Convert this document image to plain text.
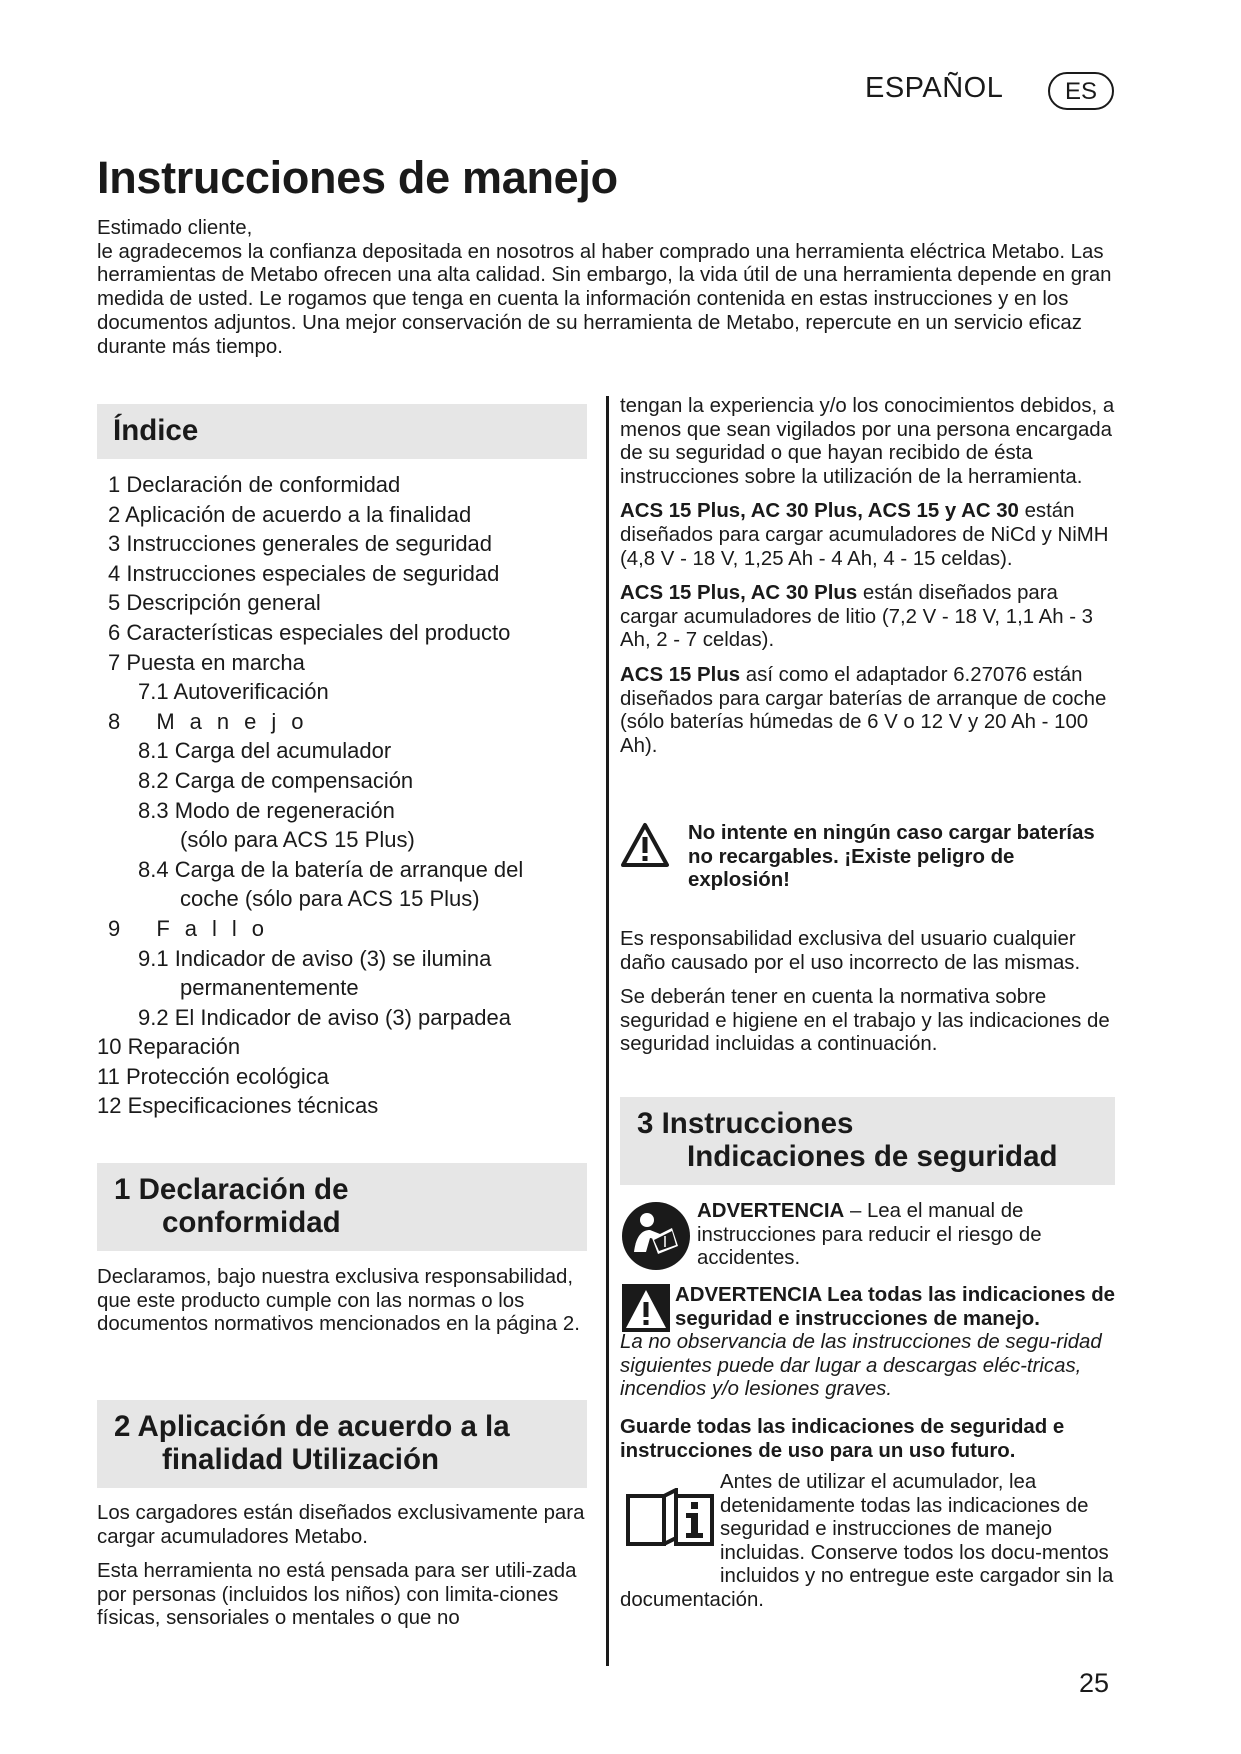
ESPAÑOL	ES
Instrucciones de manejo

Estimado cliente,

le agradecemos la confianza depositada en nosotros al haber comprado una herramienta eléctrica Metabo. Las herramientas de Metabo ofrecen una alta calidad. Sin embargo, la vida útil de una herramienta depende en gran medida de usted. Le rogamos que tenga en cuenta la información contenida en estas instrucciones y en los documentos adjuntos. Una mejor conservación de su herramienta de Metabo, repercute en un servicio eficaz durante más tiempo.

Índice
1 Declaración de conformidad
2 Aplicación de acuerdo a la finalidad
3 Instrucciones generales de seguridad
4 Instrucciones especiales de seguridad
5 Descripción general
6 Características especiales del producto
7 Puesta en marcha
7.1 Autoverificación
8 Manejo
8.1 Carga del acumulador
8.2 Carga de compensación
8.3 Modo de regeneración
(sólo para ACS 15 Plus)
8.4 Carga de la batería de arranque del
coche (sólo para ACS 15 Plus)
9 Fallo
9.1 Indicador de aviso (3) se ilumina
permanentemente
9.2 El Indicador de aviso (3) parpadea
10 Reparación
11 Protección ecológica
12 Especificaciones técnicas
1 Declaración de
conformidad

Declaramos, bajo nuestra exclusiva responsabilidad, que este producto cumple con las normas o los documentos normativos mencionados en la página 2.

2 Aplicación de acuerdo a la
finalidad Utilización

Los cargadores están diseñados exclusivamente para cargar acumuladores Metabo.

Esta herramienta no está pensada para ser utili-zada por personas (incluidos los niños) con limita-ciones físicas, sensoriales o mentales o que no

tengan la experiencia y/o los conocimientos debidos, a menos que sean vigilados por una persona encargada de su seguridad o que hayan recibido de ésta instrucciones sobre la utilización de la herramienta.

ACS 15 Plus, AC 30 Plus, ACS 15 y AC 30 están diseñados para cargar acumuladores de NiCd y NiMH (4,8 V - 18 V, 1,25 Ah - 4 Ah, 4 - 15 celdas).

ACS 15 Plus, AC 30 Plus están diseñados para cargar acumuladores de litio (7,2 V - 18 V, 1,1 Ah - 3 Ah, 2 - 7 celdas).

ACS 15 Plus así como el adaptador 6.27076 están diseñados para cargar baterías de arranque de coche (sólo baterías húmedas de 6 V o 12 V y 20 Ah - 100 Ah).

No intente en ningún caso cargar baterías no recargables. ¡Existe peligro de explosión!

Es responsabilidad exclusiva del usuario cualquier daño causado por el uso incorrecto de las mismas.

Se deberán tener en cuenta la normativa sobre seguridad e higiene en el trabajo y las indicaciones de seguridad incluidas a continuación.

3 Instrucciones
Indicaciones de seguridad
ADVERTENCIA – Lea el manual de instrucciones para reducir el riesgo de accidentes.
ADVERTENCIA Lea todas las indicaciones de seguridad e instrucciones de manejo.
La no observancia de las instrucciones de segu-ridad siguientes puede dar lugar a descargas eléc-tricas, incendios y/o lesiones graves.
Guarde todas las indicaciones de seguridad e instrucciones de uso para un uso futuro.
Antes de utilizar el acumulador, lea detenidamente todas las indicaciones de seguridad e instrucciones de manejo incluidas. Conserve todos los docu-mentos incluidos y no entregue este cargador sin la documentación.
25
